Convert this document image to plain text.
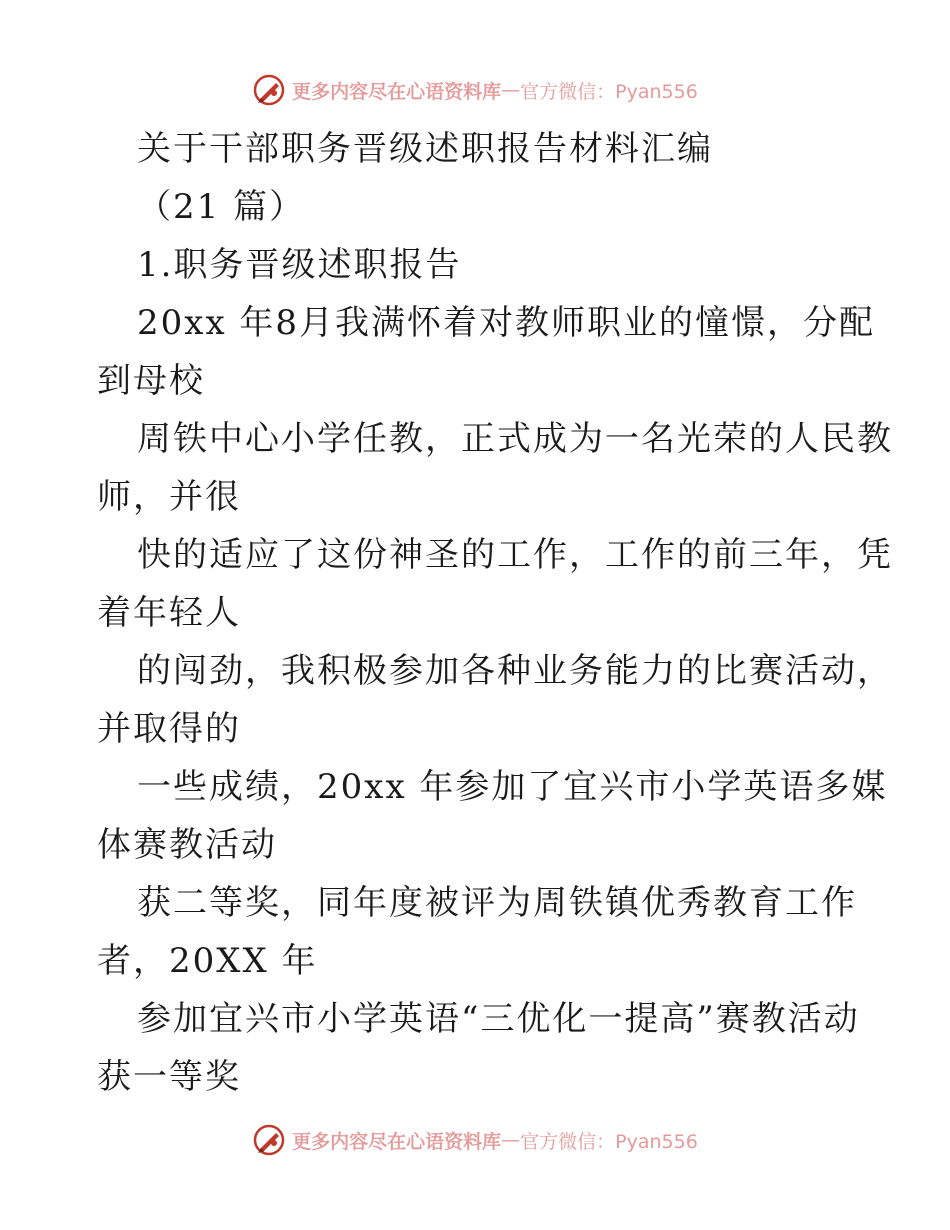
更多内容尽在心语资料库 — 官方微信：Pyan556
关于干部职务晋级述职报告材料汇编
（21 篇）
1.职务晋级述职报告
20xx 年8月我满怀着对教师职业的憧憬，分配
到母校
周铁中心小学任教，正式成为一名光荣的人民教
师，并很
快的适应了这份神圣的工作，工作的前三年，凭
着年轻人
的闯劲，我积极参加各种业务能力的比赛活动，
并取得的
一些成绩，20xx 年参加了宜兴市小学英语多媒
体赛教活动
获二等奖，同年度被评为周铁镇优秀教育工作
者，20XX 年
参加宜兴市小学英语“三优化一提高”赛教活动
获一等奖
更多内容尽在心语资料库 — 官方微信：Pyan556
